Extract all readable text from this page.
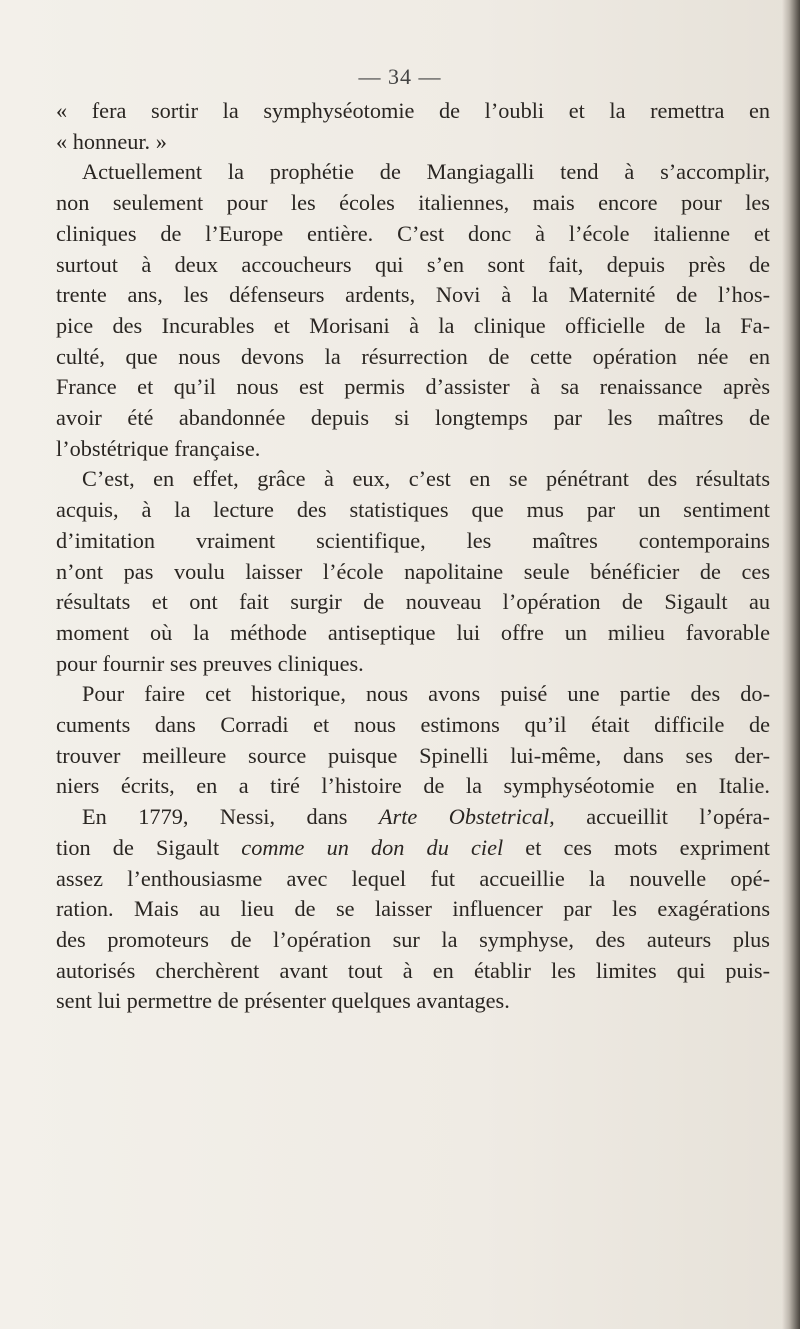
— 34 —
« fera sortir la symphyséotomie de l’oubli et la remettra en
« honneur. »
Actuellement la prophétie de Mangiagalli tend à s’accomplir,
non seulement pour les écoles italiennes, mais encore pour les
cliniques de l’Europe entière. C’est donc à l’école italienne et
surtout à deux accoucheurs qui s’en sont fait, depuis près de
trente ans, les défenseurs ardents, Novi à la Maternité de l’hos-
pice des Incurables et Morisani à la clinique officielle de la Fa-
culté, que nous devons la résurrection de cette opération née en
France et qu’il nous est permis d’assister à sa renaissance après
avoir été abandonnée depuis si longtemps par les maîtres de
l’obstétrique française.
C’est, en effet, grâce à eux, c’est en se pénétrant des résultats
acquis, à la lecture des statistiques que mus par un sentiment
d’imitation vraiment scientifique, les maîtres contemporains
n’ont pas voulu laisser l’école napolitaine seule bénéficier de ces
résultats et ont fait surgir de nouveau l’opération de Sigault au
moment où la méthode antiseptique lui offre un milieu favorable
pour fournir ses preuves cliniques.
Pour faire cet historique, nous avons puisé une partie des do-
cuments dans Corradi et nous estimons qu’il était difficile de
trouver meilleure source puisque Spinelli lui-même, dans ses der-
niers écrits, en a tiré l’histoire de la symphyséotomie en Italie.
En 1779, Nessi, dans Arte Obstetrical, accueillit l’opéra-
tion de Sigault comme un don du ciel et ces mots expriment
assez l’enthousiasme avec lequel fut accueillie la nouvelle opé-
ration. Mais au lieu de se laisser influencer par les exagérations
des promoteurs de l’opération sur la symphyse, des auteurs plus
autorisés cherchèrent avant tout à en établir les limites qui puis-
sent lui permettre de présenter quelques avantages.
